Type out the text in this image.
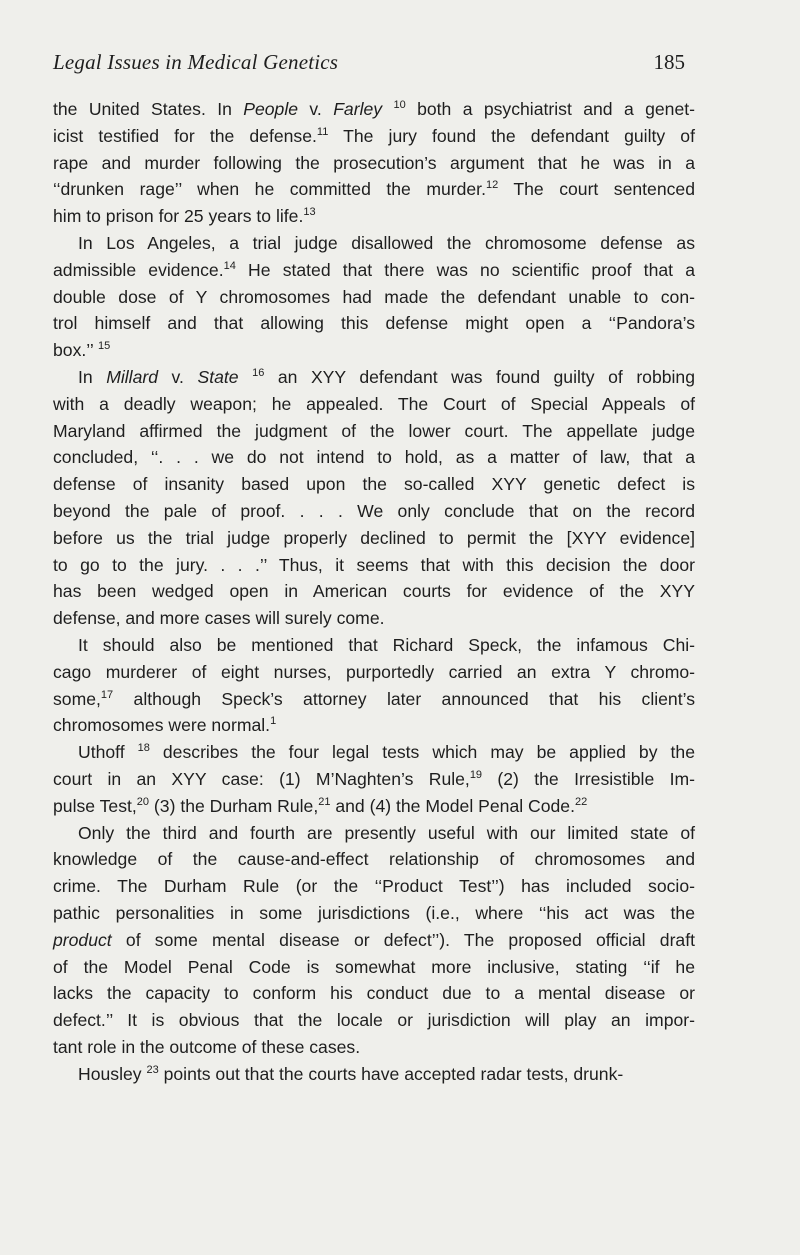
Legal Issues in Medical Genetics	185
the United States. In People v. Farley $^{10}$ both a psychiatrist and a genet-
icist testified for the defense.$^{11}$ The jury found the defendant guilty of
rape and murder following the prosecution’s argument that he was in a
‘‘drunken rage’’ when he committed the murder.$^{12}$ The court sentenced
him to prison for 25 years to life.$^{13}$
In Los Angeles, a trial judge disallowed the chromosome defense as
admissible evidence.$^{14}$ He stated that there was no scientific proof that a
double dose of Y chromosomes had made the defendant unable to con-
trol himself and that allowing this defense might open a ‘‘Pandora’s
box.’’ $^{15}$
In Millard v. State $^{16}$ an XYY defendant was found guilty of robbing
with a deadly weapon; he appealed. The Court of Special Appeals of
Maryland affirmed the judgment of the lower court. The appellate judge
concluded, ‘‘. . . we do not intend to hold, as a matter of law, that a
defense of insanity based upon the so-called XYY genetic defect is
beyond the pale of proof. . . . We only conclude that on the record
before us the trial judge properly declined to permit the [XYY evidence]
to go to the jury. . . .’’ Thus, it seems that with this decision the door
has been wedged open in American courts for evidence of the XYY
defense, and more cases will surely come.
It should also be mentioned that Richard Speck, the infamous Chi-
cago murderer of eight nurses, purportedly carried an extra Y chromo-
some,$^{17}$ although Speck’s attorney later announced that his client’s
chromosomes were normal.$^1$
Uthoff $^{18}$ describes the four legal tests which may be applied by the
court in an XYY case: (1) M’Naghten’s Rule,$^{19}$ (2) the Irresistible Im-
pulse Test,$^{20}$ (3) the Durham Rule,$^{21}$ and (4) the Model Penal Code.$^{22}$
Only the third and fourth are presently useful with our limited state of
knowledge of the cause-and-effect relationship of chromosomes and
crime. The Durham Rule (or the ‘‘Product Test’’) has included socio-
pathic personalities in some jurisdictions (i.e., where ‘‘his act was the
product of some mental disease or defect’’). The proposed official draft
of the Model Penal Code is somewhat more inclusive, stating ‘‘if he
lacks the capacity to conform his conduct due to a mental disease or
defect.’’ It is obvious that the locale or jurisdiction will play an impor-
tant role in the outcome of these cases.
Housley $^{23}$ points out that the courts have accepted radar tests, drunk-
